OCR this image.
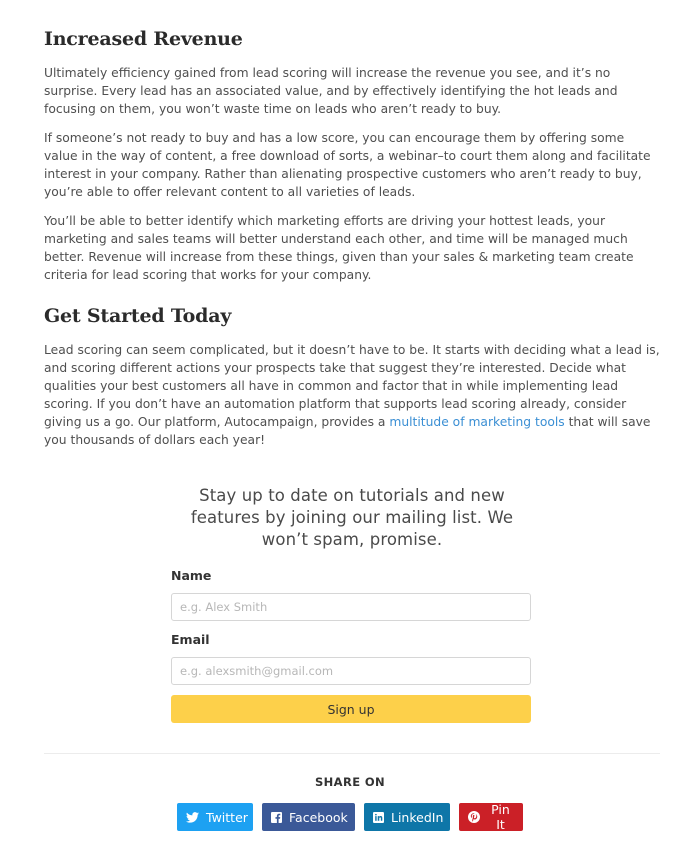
Increased Revenue

Ultimately efficiency gained from lead scoring will increase the revenue you see, and it’s no surprise. Every lead has an associated value, and by effectively identifying the hot leads and focusing on them, you won’t waste time on leads who aren’t ready to buy.

If someone’s not ready to buy and has a low score, you can encourage them by offering some value in the way of content, a free download of sorts, a webinar–to court them along and facilitate interest in your company. Rather than alienating prospective customers who aren’t ready to buy, you’re able to offer relevant content to all varieties of leads.

You’ll be able to better identify which marketing efforts are driving your hottest leads, your marketing and sales teams will better understand each other, and time will be managed much better. Revenue will increase from these things, given than your sales & marketing team create criteria for lead scoring that works for your company.

Get Started Today

Lead scoring can seem complicated, but it doesn’t have to be. It starts with deciding what a lead is, and scoring different actions your prospects take that suggest they’re interested. Decide what qualities your best customers all have in common and factor that in while implementing lead scoring. If you don’t have an automation platform that supports lead scoring already, consider giving us a go. Our platform, Autocampaign, provides a multitude of marketing tools that will save you thousands of dollars each year!

Stay up to date on tutorials and new features by joining our mailing list. We won’t spam, promise.
Name
e.g. Alex Smith
Email
e.g. alexsmith@gmail.com
Sign up
SHARE ON
Twitter	Facebook	LinkedIn	Pin It
